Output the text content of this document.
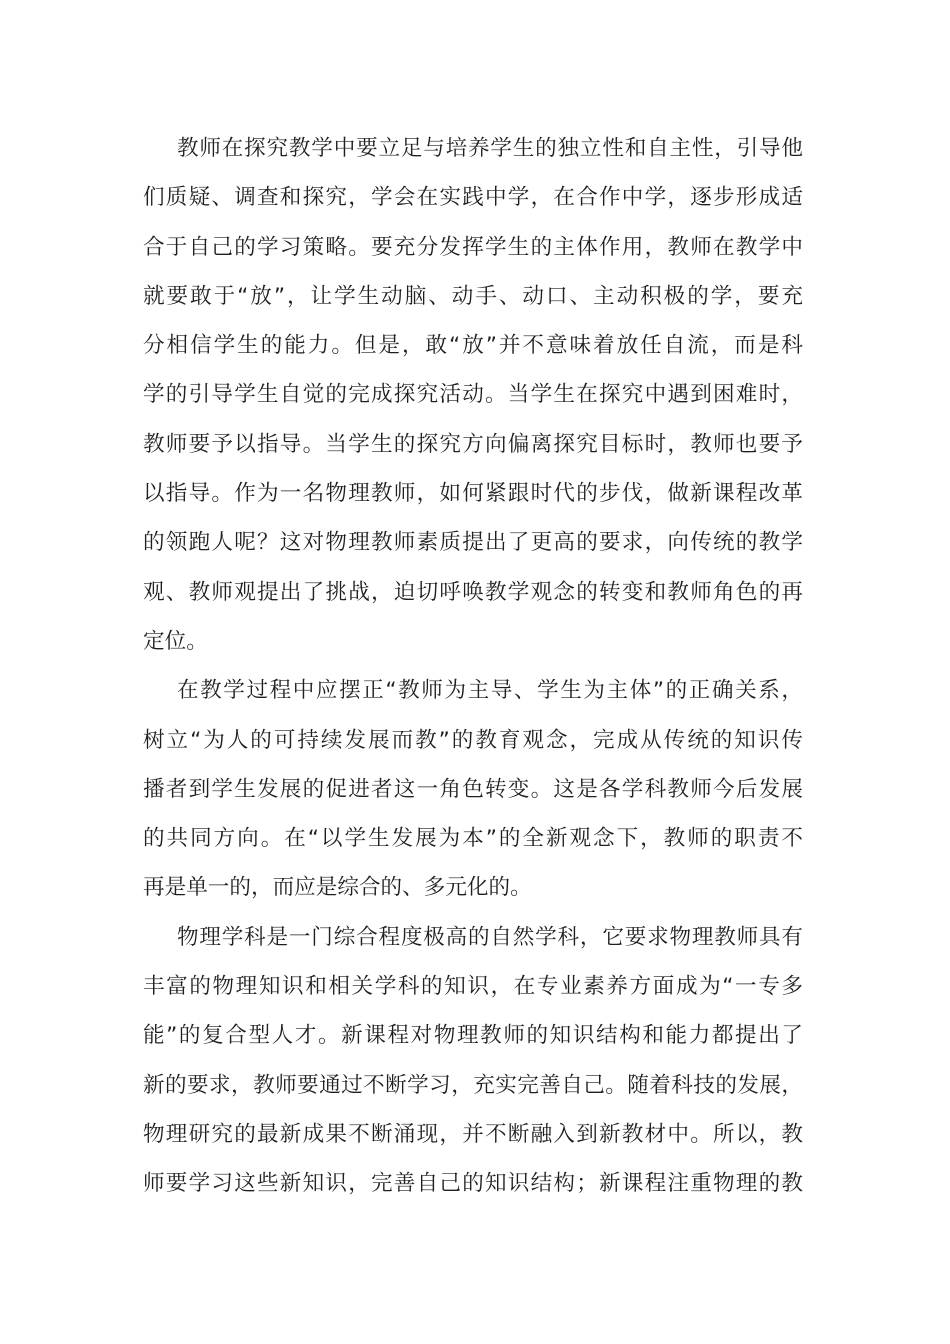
教师在探究教学中要立足与培养学生的独立性和自主性，引导他
们质疑、调查和探究，学会在实践中学，在合作中学，逐步形成适
合于自己的学习策略。要充分发挥学生的主体作用，教师在教学中
就要敢于“放”，让学生动脑、动手、动口、主动积极的学，要充
分相信学生的能力。但是，敢“放”并不意味着放任自流，而是科
学的引导学生自觉的完成探究活动。当学生在探究中遇到困难时，
教师要予以指导。当学生的探究方向偏离探究目标时，教师也要予
以指导。作为一名物理教师，如何紧跟时代的步伐，做新课程改革
的领跑人呢？这对物理教师素质提出了更高的要求，向传统的教学
观、教师观提出了挑战，迫切呼唤教学观念的转变和教师角色的再
定位。
在教学过程中应摆正“教师为主导、学生为主体”的正确关系，
树立“为人的可持续发展而教”的教育观念，完成从传统的知识传
播者到学生发展的促进者这一角色转变。这是各学科教师今后发展
的共同方向。在“以学生发展为本”的全新观念下，教师的职责不
再是单一的，而应是综合的、多元化的。
物理学科是一门综合程度极高的自然学科，它要求物理教师具有
丰富的物理知识和相关学科的知识，在专业素养方面成为“一专多
能”的复合型人才。新课程对物理教师的知识结构和能力都提出了
新的要求，教师要通过不断学习，充实完善自己。随着科技的发展，
物理研究的最新成果不断涌现，并不断融入到新教材中。所以，教
师要学习这些新知识，完善自己的知识结构；新课程注重物理的教
